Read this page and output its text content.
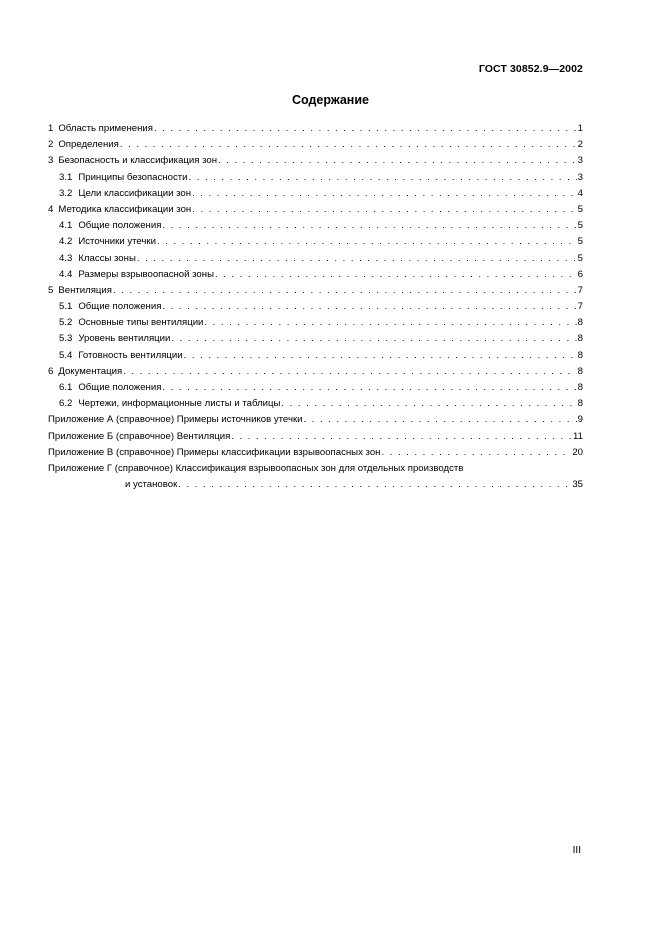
ГОСТ 30852.9—2002
Содержание
1 Область применения . . .	1
2 Определения . . .	2
3 Безопасность и классификация зон . . .	3
3.1 Принципы безопасности . . .	3
3.2 Цели классификации зон . . .	4
4 Методика классификации зон . . .	5
4.1 Общие положения . . .	5
4.2 Источники утечки . . .	5
4.3 Классы зоны . . .	5
4.4 Размеры взрывоопасной зоны . . .	6
5 Вентиляция . . .	7
5.1 Общие положения . . .	7
5.2 Основные типы вентиляции . . .	8
5.3 Уровень вентиляции . . .	8
5.4 Готовность вентиляции . . .	8
6 Документация . . .	8
6.1 Общие положения . . .	8
6.2 Чертежи, информационные листы и таблицы . . .	8
Приложение А (справочное) Примеры источников утечки . . .	9
Приложение Б (справочное) Вентиляция . . .	11
Приложение В (справочное) Примеры классификации взрывоопасных зон . . .	20
Приложение Г (справочное) Классификация взрывоопасных зон для отдельных производств
и установок . . .	35
III
